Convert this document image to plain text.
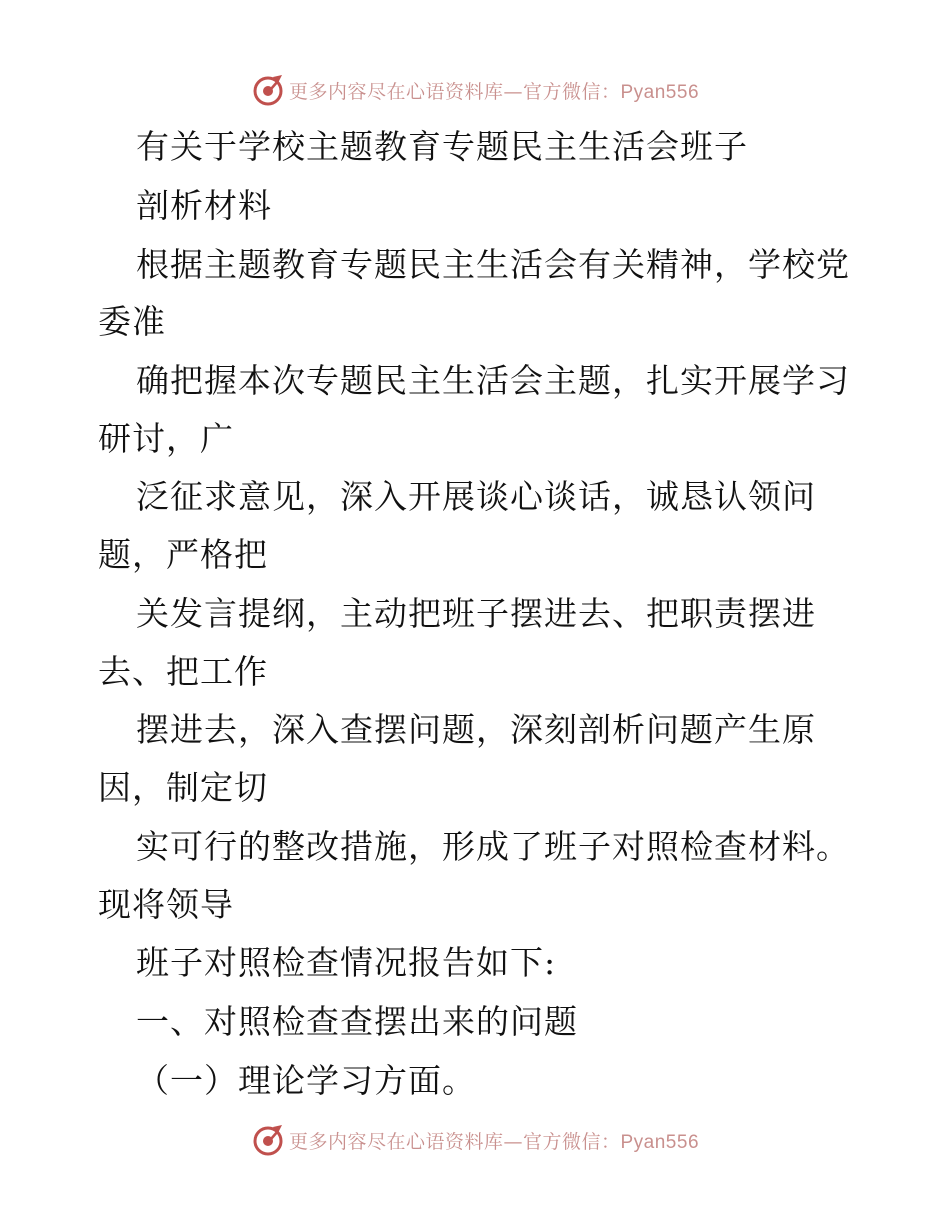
更多内容尽在心语资料库—官方微信：Pyan556
有关于学校主题教育专题民主生活会班子
剖析材料
根据主题教育专题民主生活会有关精神，学校党
委准
确把握本次专题民主生活会主题，扎实开展学习
研讨，广
泛征求意见，深入开展谈心谈话，诚恳认领问
题，严格把
关发言提纲，主动把班子摆进去、把职责摆进
去、把工作
摆进去，深入查摆问题，深刻剖析问题产生原
因，制定切
实可行的整改措施，形成了班子对照检查材料。
现将领导
班子对照检查情况报告如下:
一、对照检查查摆出来的问题
（一）理论学习方面。
更多内容尽在心语资料库—官方微信：Pyan556
